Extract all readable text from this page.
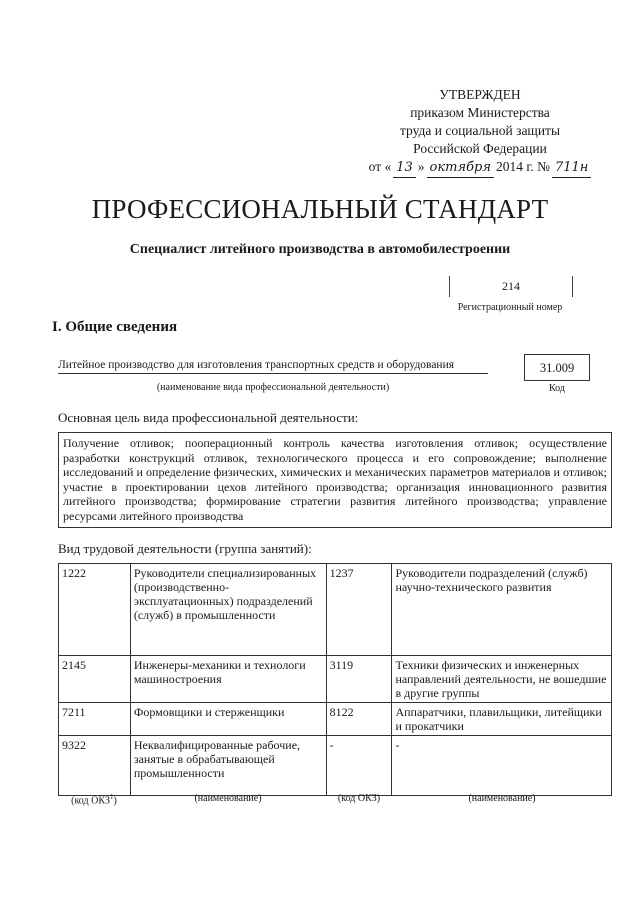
УТВЕРЖДЕН
приказом Министерства
труда и социальной защиты
Российской Федерации
от « 13 » октября 2014 г. № 711н
ПРОФЕССИОНАЛЬНЫЙ СТАНДАРТ
Специалист литейного производства в автомобилестроении
214
Регистрационный номер
I. Общие сведения
Литейное производство для изготовления транспортных средств и оборудования
(наименование вида профессиональной деятельности)
31.009
Код
Основная цель вида профессиональной деятельности:
Получение отливок; пооперационный контроль качества изготовления отливок; осуществление разработки конструкций отливок, технологического процесса и его сопровождение; выполнение исследований и определение физических, химических и механических параметров материалов и отливок; участие в проектировании цехов литейного производства; организация инновационного развития литейного производства; формирование стратегии развития литейного производства; управление ресурсами литейного производства
Вид трудовой деятельности (группа занятий):
1222	Руководители специализированных (производственно-эксплуатационных) подразделений (служб) в промышленности	1237	Руководители подразделений (служб) научно-технического развития
2145	Инженеры-механики и технологи машиностроения	3119	Техники физических и инженерных направлений деятельности, не вошедшие в другие группы
7211	Формовщики и стерженщики	8122	Аппаратчики, плавильщики, литейщики и прокатчики
9322	Неквалифицированные рабочие, занятые в обрабатывающей промышленности	-	-
(код ОКЗ$^1$)	(наименование)	(код ОКЗ)	(наименование)
